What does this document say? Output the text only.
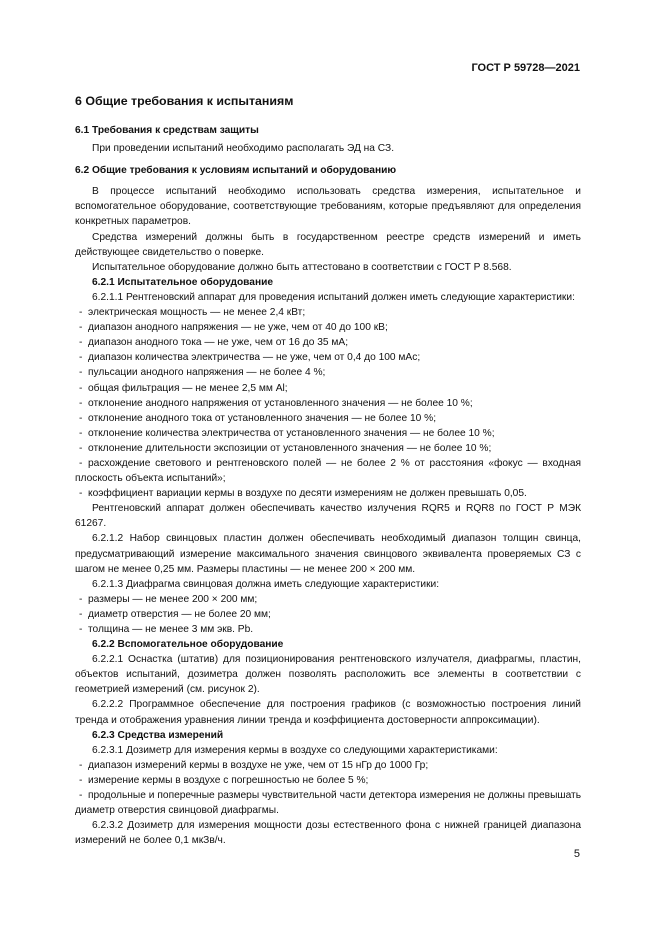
ГОСТ Р 59728—2021

6 Общие требования к испытаниям

6.1 Требования к средствам защиты

При проведении испытаний необходимо располагать ЭД на СЗ.

6.2 Общие требования к условиям испытаний и оборудованию

В процессе испытаний необходимо использовать средства измерения, испытательное и вспомогательное оборудование, соответствующие требованиям, которые предъявляют для определения конкретных параметров.

Средства измерений должны быть в государственном реестре средств измерений и иметь действующее свидетельство о поверке.

Испытательное оборудование должно быть аттестовано в соответствии с ГОСТ Р 8.568.

6.2.1 Испытательное оборудование

6.2.1.1 Рентгеновский аппарат для проведения испытаний должен иметь следующие характеристики:

- электрическая мощность — не менее 2,4 кВт;
- диапазон анодного напряжения — не уже, чем от 40 до 100 кВ;
- диапазон анодного тока — не уже, чем от 16 до 35 мА;
- диапазон количества электричества — не уже, чем от 0,4 до 100 мАс;
- пульсации анодного напряжения — не более 4 %;
- общая фильтрация — не менее 2,5 мм Al;
- отклонение анодного напряжения от установленного значения — не более 10 %;
- отклонение анодного тока от установленного значения — не более 10 %;
- отклонение количества электричества от установленного значения — не более 10 %;
- отклонение длительности экспозиции от установленного значения — не более 10 %;
- расхождение светового и рентгеновского полей — не более 2 % от расстояния «фокус — входная плоскость объекта испытаний»;
- коэффициент вариации кермы в воздухе по десяти измерениям не должен превышать 0,05.

Рентгеновский аппарат должен обеспечивать качество излучения RQR5 и RQR8 по ГОСТ Р МЭК 61267.

6.2.1.2 Набор свинцовых пластин должен обеспечивать необходимый диапазон толщин свинца, предусматривающий измерение максимального значения свинцового эквивалента проверяемых СЗ с шагом не менее 0,25 мм. Размеры пластины — не менее 200 × 200 мм.

6.2.1.3 Диафрагма свинцовая должна иметь следующие характеристики:

- размеры — не менее 200 × 200 мм;
- диаметр отверстия — не более 20 мм;
- толщина — не менее 3 мм экв. Pb.

6.2.2 Вспомогательное оборудование

6.2.2.1 Оснастка (штатив) для позиционирования рентгеновского излучателя, диафрагмы, пластин, объектов испытаний, дозиметра должен позволять расположить все элементы в соответствии с геометрией измерений (см. рисунок 2).

6.2.2.2 Программное обеспечение для построения графиков (с возможностью построения линий тренда и отображения уравнения линии тренда и коэффициента достоверности аппроксимации).

6.2.3 Средства измерений

6.2.3.1 Дозиметр для измерения кермы в воздухе со следующими характеристиками:

- диапазон измерений кермы в воздухе не уже, чем от 15 нГр до 1000 Гр;
- измерение кермы в воздухе с погрешностью не более 5 %;
- продольные и поперечные размеры чувствительной части детектора измерения не должны превышать диаметр отверстия свинцовой диафрагмы.

6.2.3.2 Дозиметр для измерения мощности дозы естественного фона с нижней границей диапазона измерений не более 0,1 мкЗв/ч.

5
